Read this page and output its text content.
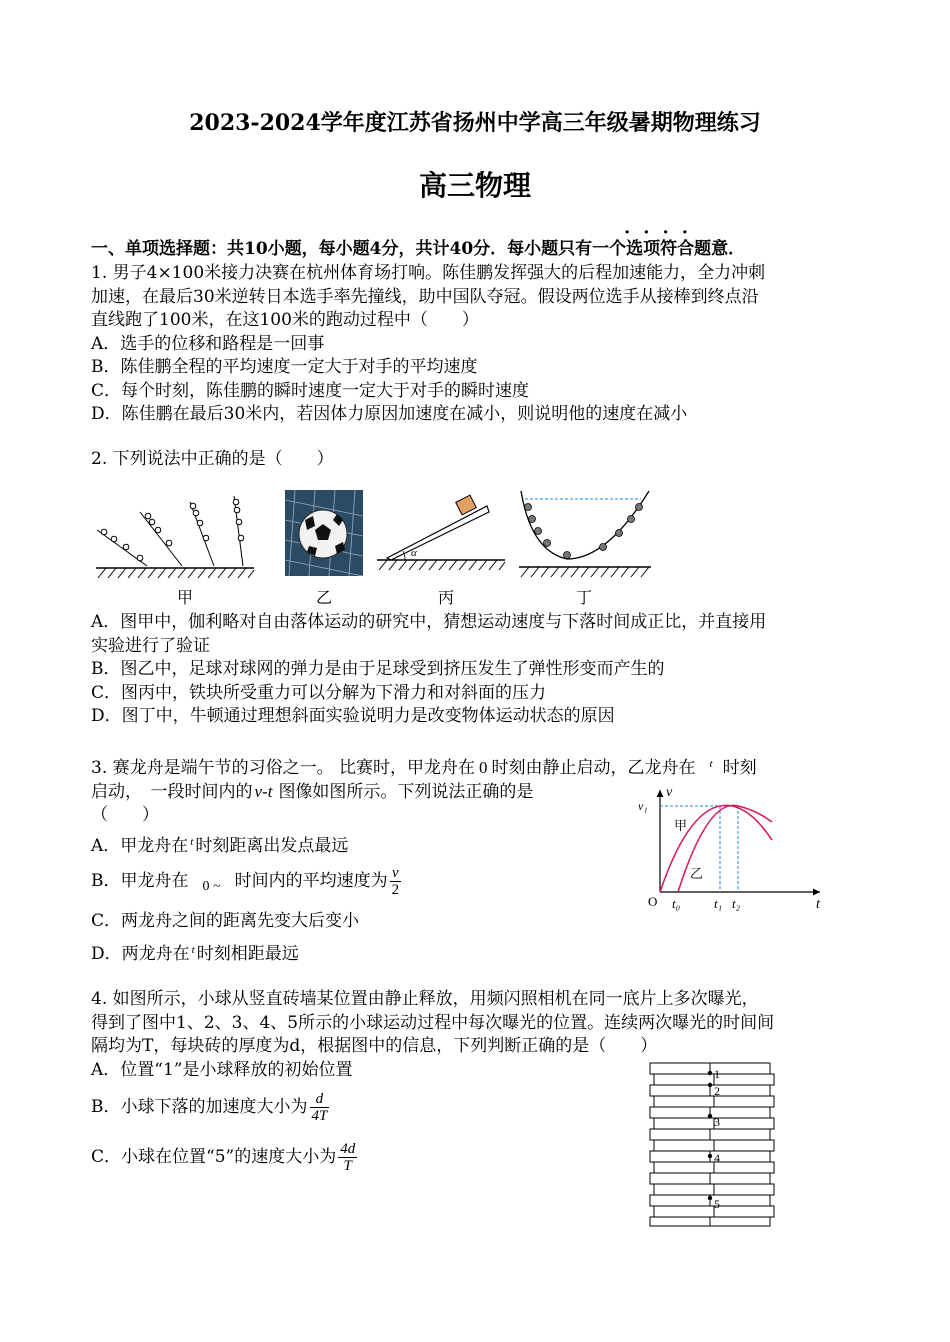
2023-2024学年度江苏省扬州中学高三年级暑期物理练习
高三物理
一、单项选择题：共10小题，每小题4分，共计40分．每小题只有一个选项符合题意．
····
1. 男子4×100米接力决赛在杭州体育场打响。陈佳鹏发挥强大的后程加速能力，全力冲刺
加速，在最后30米逆转日本选手率先撞线，助中国队夺冠。假设两位选手从接棒到终点沿
直线跑了100米，在这100米的跑动过程中（　　）
A．选手的位移和路程是一回事
B．陈佳鹏全程的平均速度一定大于对手的平均速度
C．每个时刻，陈佳鹏的瞬时速度一定大于对手的瞬时速度
D．陈佳鹏在最后30米内，若因体力原因加速度在减小，则说明他的速度在减小
2. 下列说法中正确的是（　　）
甲	乙
α
丙	丁
A．图甲中，伽利略对自由落体运动的研究中，猜想运动速度与下落时间成正比，并直接用
实验进行了验证
B．图乙中，足球对球网的弹力是由于足球受到挤压发生了弹性形变而产生的
C．图丙中，铁块所受重力可以分解为下滑力和对斜面的压力
D．图丁中，牛顿通过理想斜面实验说明力是改变物体运动状态的原因
3. 赛龙舟是端午节的习俗之一。 比赛时，甲龙舟在 0 时刻由静止启动，乙龙舟在 $^t$ 时刻
启动，　一段时间内的 v-t 图像如图所示。下列说法正确的是
（　　）
A．甲龙舟在 $^t$ 时刻距离出发点最远
B．甲龙舟在 $_{0 \sim}$ 时间内的平均速度为 $\frac{v}{2}$
C．两龙舟之间的距离先变大后变小
D．两龙舟在 $^t$ 时刻相距最远
v
v₁
甲
乙
O t₀	t₁ t₂	t
4. 如图所示，小球从竖直砖墙某位置由静止释放，用频闪照相机在同一底片上多次曝光，
得到了图中1、2、3、4、5所示的小球运动过程中每次曝光的位置。连续两次曝光的时间间
隔均为T，每块砖的厚度为d，根据图中的信息，下列判断正确的是（　　）
A．位置“1”是小球释放的初始位置
B．小球下落的加速度大小为 $\frac{d}{4T}$
C．小球在位置“5”的速度大小为 $\frac{4d}{T}$
1
2
3
4
5
